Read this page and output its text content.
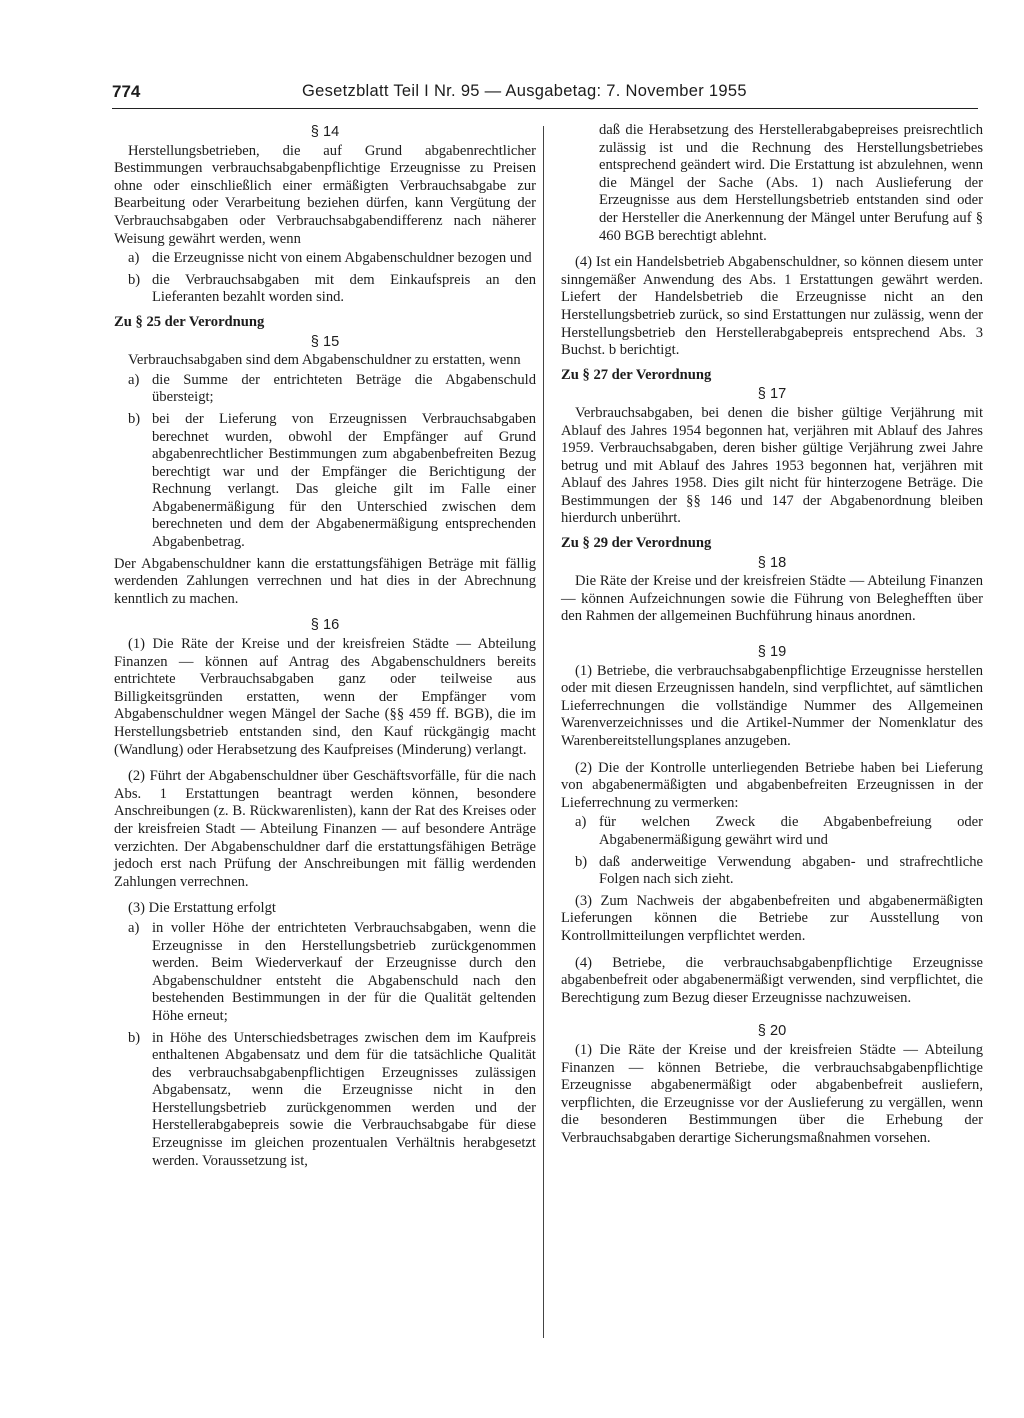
774	Gesetzblatt Teil I Nr. 95 — Ausgabetag: 7. November 1955
§ 14

Herstellungsbetrieben, die auf Grund abgabenrechtlicher Bestimmungen verbrauchsabgabenpflichtige Erzeugnisse zu Preisen ohne oder einschließlich einer ermäßigten Verbrauchsabgabe zur Bearbeitung oder Verarbeitung beziehen dürfen, kann Vergütung der Verbrauchsabgaben oder Verbrauchsabgabendifferenz nach näherer Weisung gewährt werden, wenn

a) die Erzeugnisse nicht von einem Abgabenschuldner bezogen und
b) die Verbrauchsabgaben mit dem Einkaufspreis an den Lieferanten bezahlt worden sind.

Zu § 25 der Verordnung

§ 15

Verbrauchsabgaben sind dem Abgabenschuldner zu erstatten, wenn

a) die Summe der entrichteten Beträge die Abgabenschuld übersteigt;
b) bei der Lieferung von Erzeugnissen Verbrauchsabgaben berechnet wurden, obwohl der Empfänger auf Grund abgabenrechtlicher Bestimmungen zum abgabenbefreiten Bezug berechtigt war und der Empfänger die Berichtigung der Rechnung verlangt. Das gleiche gilt im Falle einer Abgabenermäßigung für den Unterschied zwischen dem berechneten und dem der Abgabenermäßigung entsprechenden Abgabenbetrag.

Der Abgabenschuldner kann die erstattungsfähigen Beträge mit fällig werdenden Zahlungen verrechnen und hat dies in der Abrechnung kenntlich zu machen.

§ 16

(1) Die Räte der Kreise und der kreisfreien Städte — Abteilung Finanzen — können auf Antrag des Abgabenschuldners bereits entrichtete Verbrauchsabgaben ganz oder teilweise aus Billigkeitsgründen erstatten, wenn der Empfänger vom Abgabenschuldner wegen Mängel der Sache (§§ 459 ff. BGB), die im Herstellungsbetrieb entstanden sind, den Kauf rückgängig macht (Wandlung) oder Herabsetzung des Kaufpreises (Minderung) verlangt.

(2) Führt der Abgabenschuldner über Geschäftsvorfälle, für die nach Abs. 1 Erstattungen beantragt werden können, besondere Anschreibungen (z. B. Rückwarenlisten), kann der Rat des Kreises oder der kreisfreien Stadt — Abteilung Finanzen — auf besondere Anträge verzichten. Der Abgabenschuldner darf die erstattungsfähigen Beträge jedoch erst nach Prüfung der Anschreibungen mit fällig werdenden Zahlungen verrechnen.

(3) Die Erstattung erfolgt

a) in voller Höhe der entrichteten Verbrauchsabgaben, wenn die Erzeugnisse in den Herstellungsbetrieb zurückgenommen werden. Beim Wiederverkauf der Erzeugnisse durch den Abgabenschuldner entsteht die Abgabenschuld nach den bestehenden Bestimmungen in der für die Qualität geltenden Höhe erneut;
b) in Höhe des Unterschiedsbetrages zwischen dem im Kaufpreis enthaltenen Abgabensatz und dem für die tatsächliche Qualität des verbrauchsabgabenpflichtigen Erzeugnisses zulässigen Abgabensatz, wenn die Erzeugnisse nicht in den Herstellungsbetrieb zurückgenommen werden und der Herstellerabgabepreis sowie die Verbrauchsabgabe für diese Erzeugnisse im gleichen prozentualen Verhältnis herabgesetzt werden. Voraussetzung ist,

daß die Herabsetzung des Herstellerabgabepreises preisrechtlich zulässig ist und die Rechnung des Herstellungsbetriebes entsprechend geändert wird. Die Erstattung ist abzulehnen, wenn die Mängel der Sache (Abs. 1) nach Auslieferung der Erzeugnisse aus dem Herstellungsbetrieb entstanden sind oder der Hersteller die Anerkennung der Mängel unter Berufung auf § 460 BGB berechtigt ablehnt.

(4) Ist ein Handelsbetrieb Abgabenschuldner, so können diesem unter sinngemäßer Anwendung des Abs. 1 Erstattungen gewährt werden. Liefert der Handelsbetrieb die Erzeugnisse nicht an den Herstellungsbetrieb zurück, so sind Erstattungen nur zulässig, wenn der Herstellungsbetrieb den Herstellerabgabepreis entsprechend Abs. 3 Buchst. b berichtigt.

Zu § 27 der Verordnung

§ 17

Verbrauchsabgaben, bei denen die bisher gültige Verjährung mit Ablauf des Jahres 1954 begonnen hat, verjähren mit Ablauf des Jahres 1959. Verbrauchsabgaben, deren bisher gültige Verjährung zwei Jahre betrug und mit Ablauf des Jahres 1953 begonnen hat, verjähren mit Ablauf des Jahres 1958. Dies gilt nicht für hinterzogene Beträge. Die Bestimmungen der §§ 146 und 147 der Abgabenordnung bleiben hierdurch unberührt.

Zu § 29 der Verordnung

§ 18

Die Räte der Kreise und der kreisfreien Städte — Abteilung Finanzen — können Aufzeichnungen sowie die Führung von Beleghefften über den Rahmen der allgemeinen Buchführung hinaus anordnen.

§ 19

(1) Betriebe, die verbrauchsabgabenpflichtige Erzeugnisse herstellen oder mit diesen Erzeugnissen handeln, sind verpflichtet, auf sämtlichen Lieferrechnungen die vollständige Nummer des Allgemeinen Warenverzeichnisses und die Artikel-Nummer der Nomenklatur des Warenbereitstellungsplanes anzugeben.

(2) Die der Kontrolle unterliegenden Betriebe haben bei Lieferung von abgabenermäßigten und abgabenbefreiten Erzeugnissen in der Lieferrechnung zu vermerken:

a) für welchen Zweck die Abgabenbefreiung oder Abgabenermäßigung gewährt wird und
b) daß anderweitige Verwendung abgaben- und strafrechtliche Folgen nach sich zieht.

(3) Zum Nachweis der abgabenbefreiten und abgabenermäßigten Lieferungen können die Betriebe zur Ausstellung von Kontrollmitteilungen verpflichtet werden.

(4) Betriebe, die verbrauchsabgabenpflichtige Erzeugnisse abgabenbefreit oder abgabenermäßigt verwenden, sind verpflichtet, die Berechtigung zum Bezug dieser Erzeugnisse nachzuweisen.

§ 20

(1) Die Räte der Kreise und der kreisfreien Städte — Abteilung Finanzen — können Betriebe, die verbrauchsabgabenpflichtige Erzeugnisse abgabenermäßigt oder abgabenbefreit ausliefern, verpflichten, die Erzeugnisse vor der Auslieferung zu vergällen, wenn die besonderen Bestimmungen über die Erhebung der Verbrauchsabgaben derartige Sicherungsmaßnahmen vorsehen.
